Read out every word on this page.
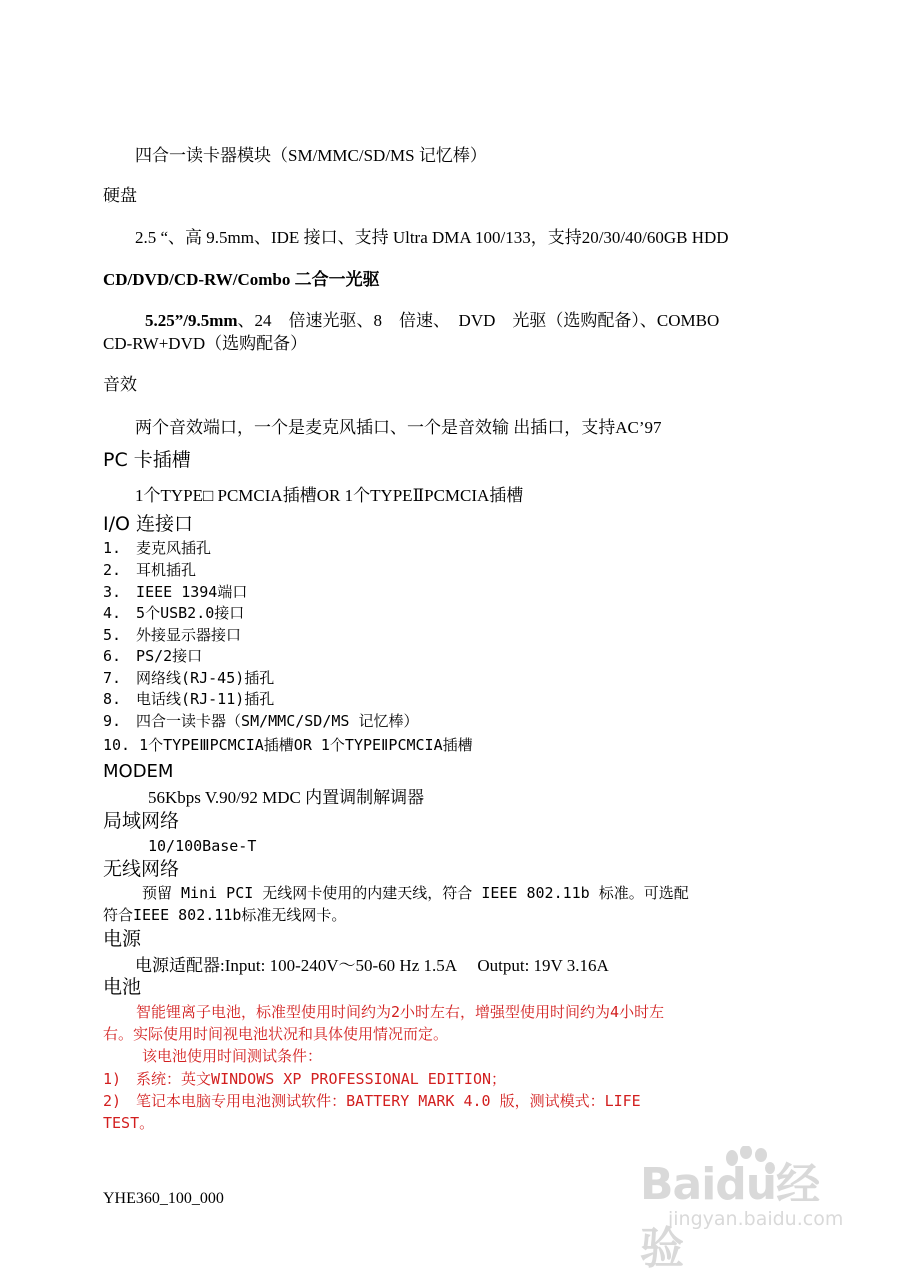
四合一读卡器模块（SM/MMC/SD/MS 记忆棒）
硬盘
2.5 “、高 9.5mm、IDE 接口、支持 Ultra DMA 100/133，支持20/30/40/60GB HDD
CD/DVD/CD-RW/Combo 二合一光驱
5.25”/9.5mm、24　倍速光驱、8　倍速、　DVD　光驱（选购配备）、COMBO
CD-RW+DVD（选购配备）
音效
两个音效端口，一个是麦克风插口、一个是音效输 出插口，支持AC’97
PC 卡插槽
1个TYPE□ PCMCIA插槽OR 1个TYPEⅡPCMCIA插槽
I/O 连接口
1.　麦克风插孔
2.　耳机插孔
3.　IEEE 1394端口
4.　5个USB2.0接口
5.　外接显示器接口
6.　PS/2接口
7.　网络线(RJ-45)插孔
8.　电话线(RJ-11)插孔
9.　四合一读卡器（SM/MMC/SD/MS 记忆棒）
10. 1个TYPEⅢPCMCIA插槽OR 1个TYPEⅡPCMCIA插槽
MODEM
56Kbps V.90/92 MDC 内置调制解调器
局域网络
10/100Base-T
无线网络
预留 Mini PCI 无线网卡使用的内建天线，符合 IEEE 802.11b 标准。可选配
符合IEEE 802.11b标准无线网卡。
电源
电源适配器:Input: 100-240V～50-60 Hz 1.5A　 Output: 19V 3.16A
电池
智能锂离子电池，标准型使用时间约为2小时左右，增强型使用时间约为4小时左
右。实际使用时间视电池状况和具体使用情况而定。
该电池使用时间测试条件：
1)　系统：英文WINDOWS XP PROFESSIONAL EDITION；
2)　笔记本电脑专用电池测试软件：BATTERY MARK 4.0 版，测试模式：LIFE
TEST。
YHE360_100_000	Baidu经验
jingyan.baidu.com
